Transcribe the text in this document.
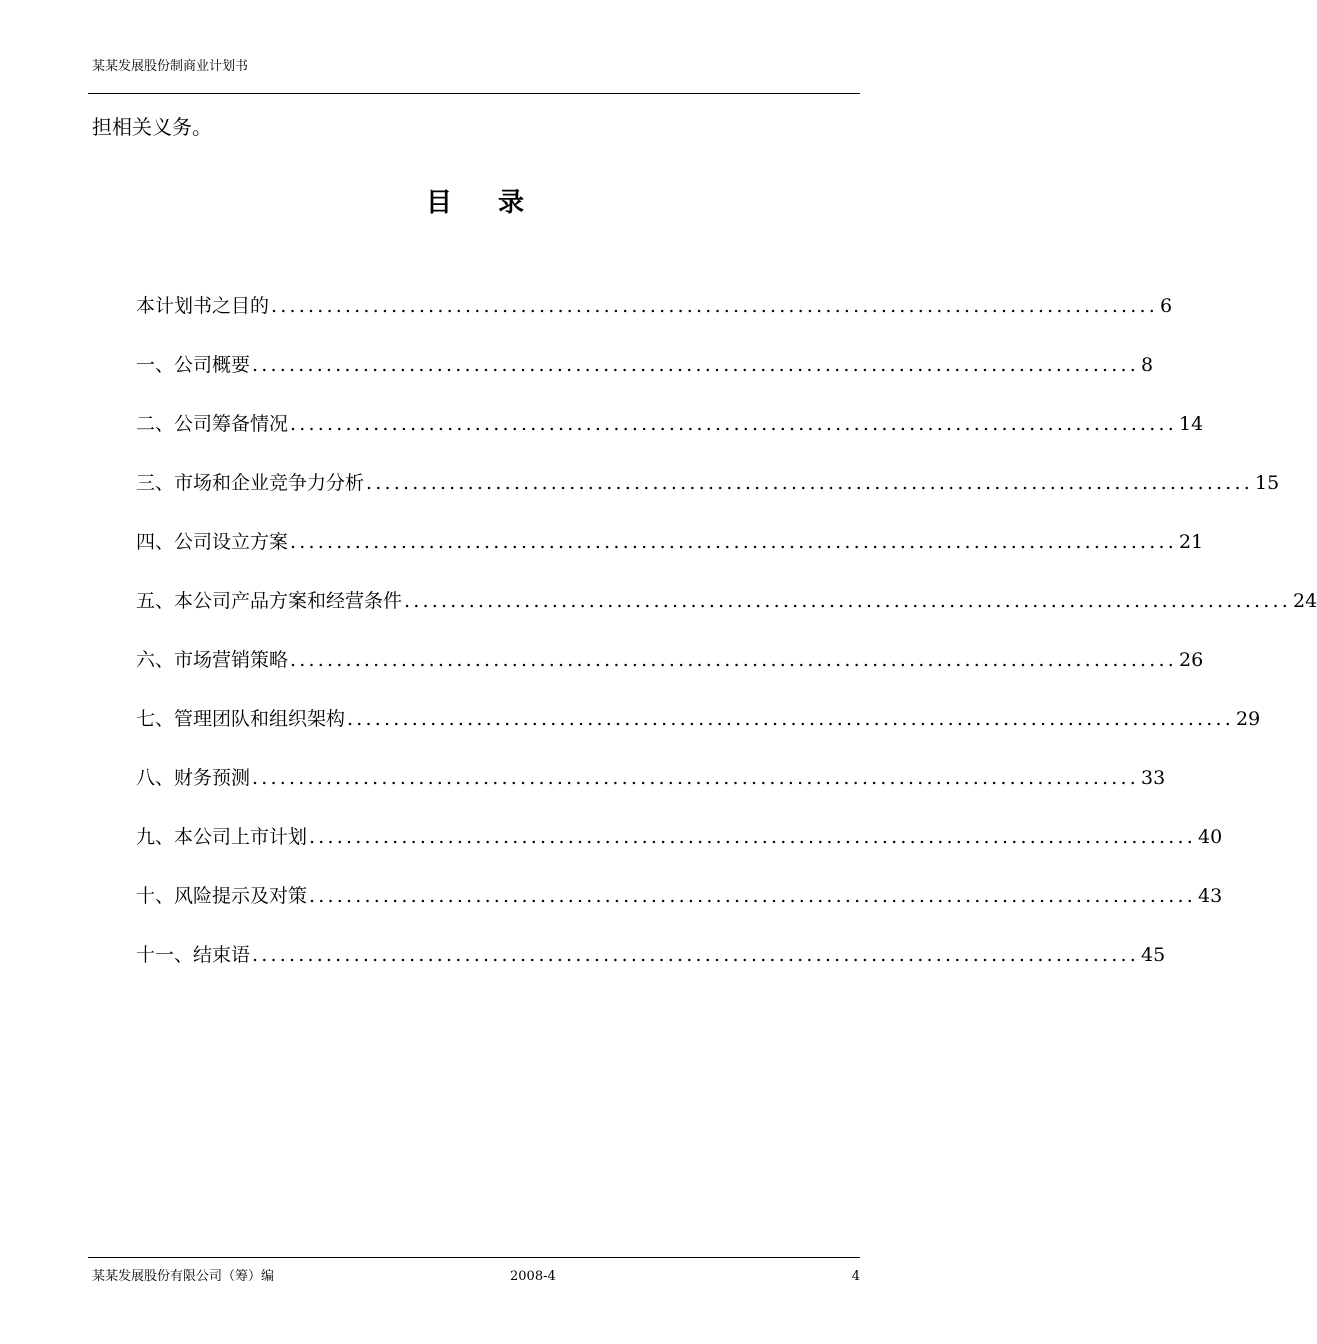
某某发展股份制商业计划书
担相关义务。
目录
本计划书之目的 ................................................................................................ 6
一、公司概要 ................................................................................................ 8
二、公司筹备情况 ................................................................................................ 14
三、市场和企业竞争力分析 ................................................................................................ 15
四、公司设立方案 ................................................................................................ 21
五、本公司产品方案和经营条件 ................................................................................................ 24
六、市场营销策略 ................................................................................................ 26
七、管理团队和组织架构 ................................................................................................ 29
八、财务预测 ................................................................................................ 33
九、本公司上市计划 ................................................................................................ 40
十、风险提示及对策 ................................................................................................ 43
十一、结束语 ................................................................................................ 45
某某发展股份有限公司（筹）编	2008-4	4
